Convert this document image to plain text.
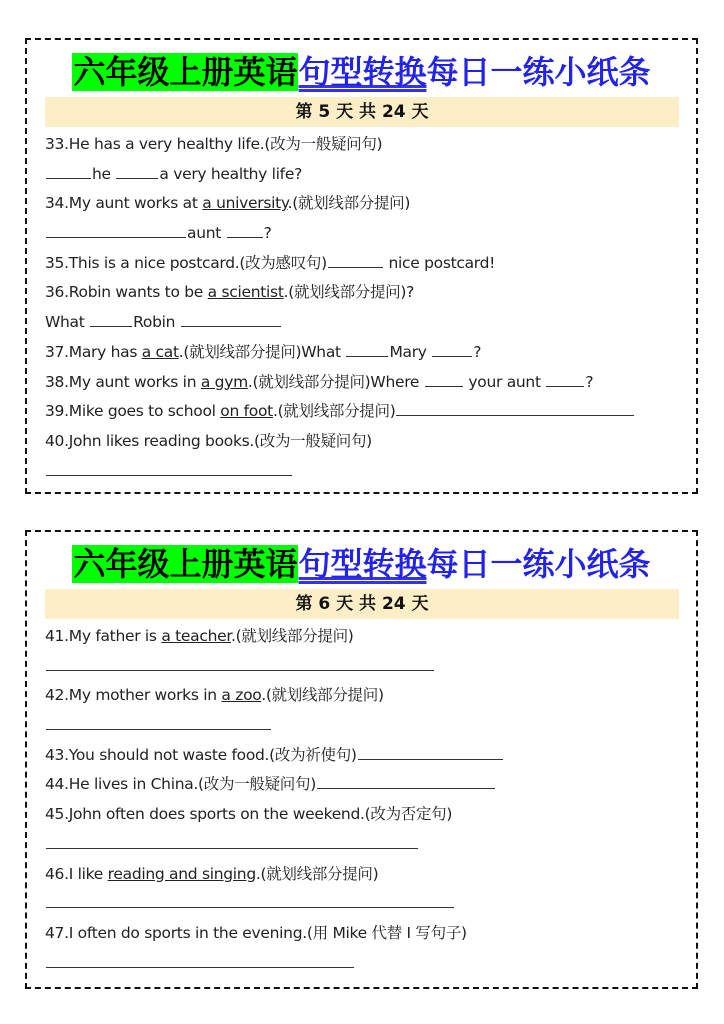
六年级上册英语句型转换每日一练小纸条
第 5 天 共 24 天
33.He has a very healthy life.(改为一般疑问句)
he	a very healthy life?
34.My aunt works at a university.(就划线部分提问)
aunt ?
35.This is a nice postcard.(改为感叹句)	nice postcard!
36.Robin wants to be a scientist.(就划线部分提问)?
What	Robin
37.Mary has a cat.(就划线部分提问)What	Mary	?
38.My aunt works in a gym.(就划线部分提问)Where	your aunt	?
39.Mike goes to school on foot.(就划线部分提问)
40.John likes reading books.(改为一般疑问句)
六年级上册英语句型转换每日一练小纸条
第 6 天 共 24 天
41.My father is a teacher.(就划线部分提问)
42.My mother works in a zoo.(就划线部分提问)
43.You should not waste food.(改为祈使句)
44.He lives in China.(改为一般疑问句)
45.John often does sports on the weekend.(改为否定句)
46.I like reading and singing.(就划线部分提问)
47.I often do sports in the evening.(用 Mike 代替 I 写句子)
